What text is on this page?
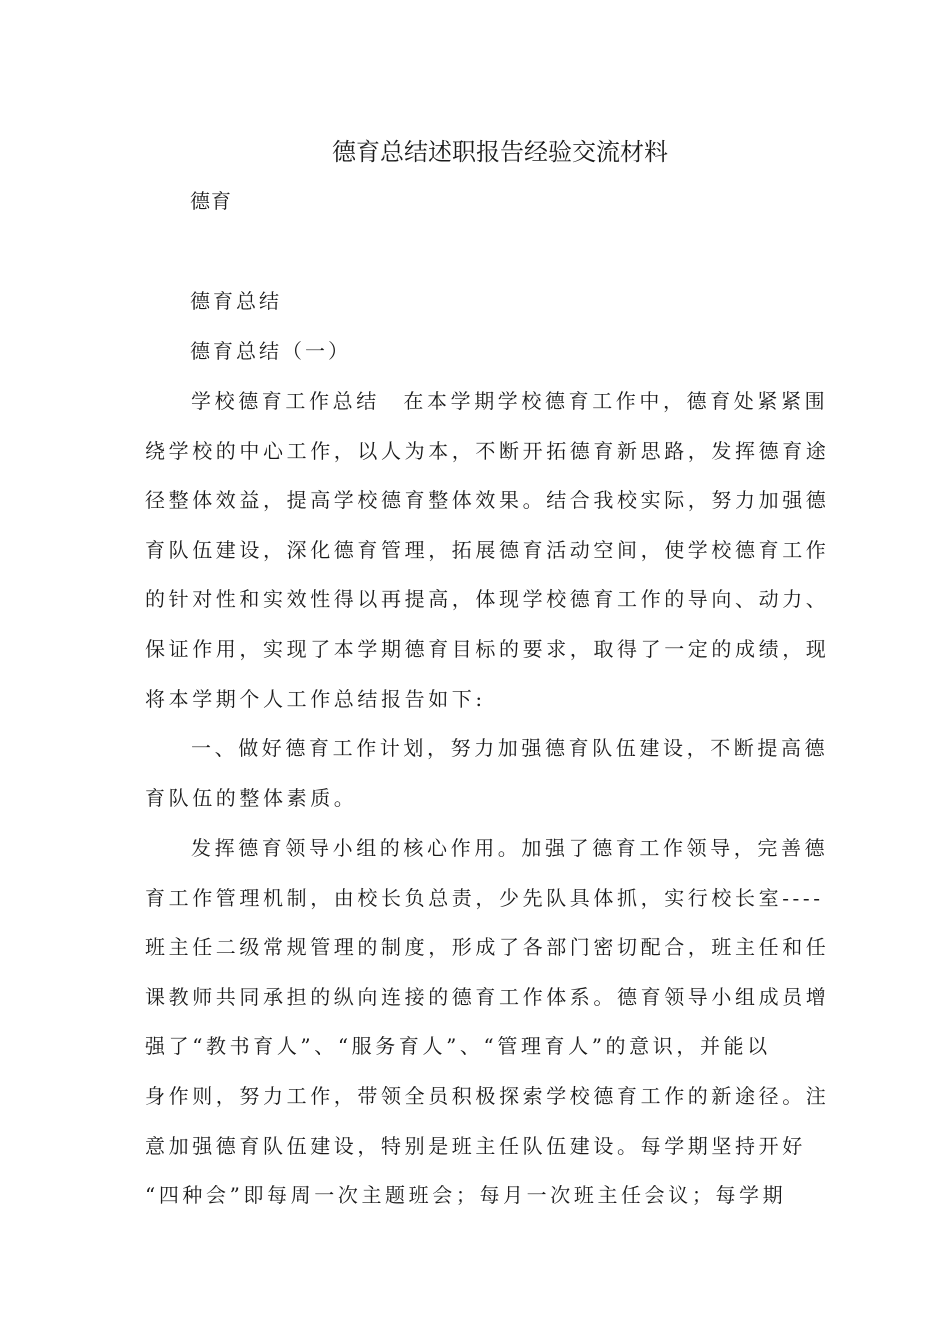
德育总结述职报告经验交流材料
德育
德育总结
德育总结（一）
学校德育工作总结　在本学期学校德育工作中，德育处紧紧围
绕学校的中心工作，以人为本，不断开拓德育新思路，发挥德育途
径整体效益，提高学校德育整体效果。结合我校实际，努力加强德
育队伍建设，深化德育管理，拓展德育活动空间，使学校德育工作
的针对性和实效性得以再提高，体现学校德育工作的导向、动力、
保证作用，实现了本学期德育目标的要求，取得了一定的成绩，现
将本学期个人工作总结报告如下:
一、做好德育工作计划，努力加强德育队伍建设，不断提高德
育队伍的整体素质。
发挥德育领导小组的核心作用。加强了德育工作领导，完善德
育工作管理机制，由校长负总责，少先队具体抓，实行校长室----
班主任二级常规管理的制度，形成了各部门密切配合，班主任和任
课教师共同承担的纵向连接的德育工作体系。德育领导小组成员增
强了“教书育人”、“服务育人”、“管理育人”的意识，并能以
身作则，努力工作，带领全员积极探索学校德育工作的新途径。注
意加强德育队伍建设，特别是班主任队伍建设。每学期坚持开好
“四种会”即每周一次主题班会；每月一次班主任会议；每学期
